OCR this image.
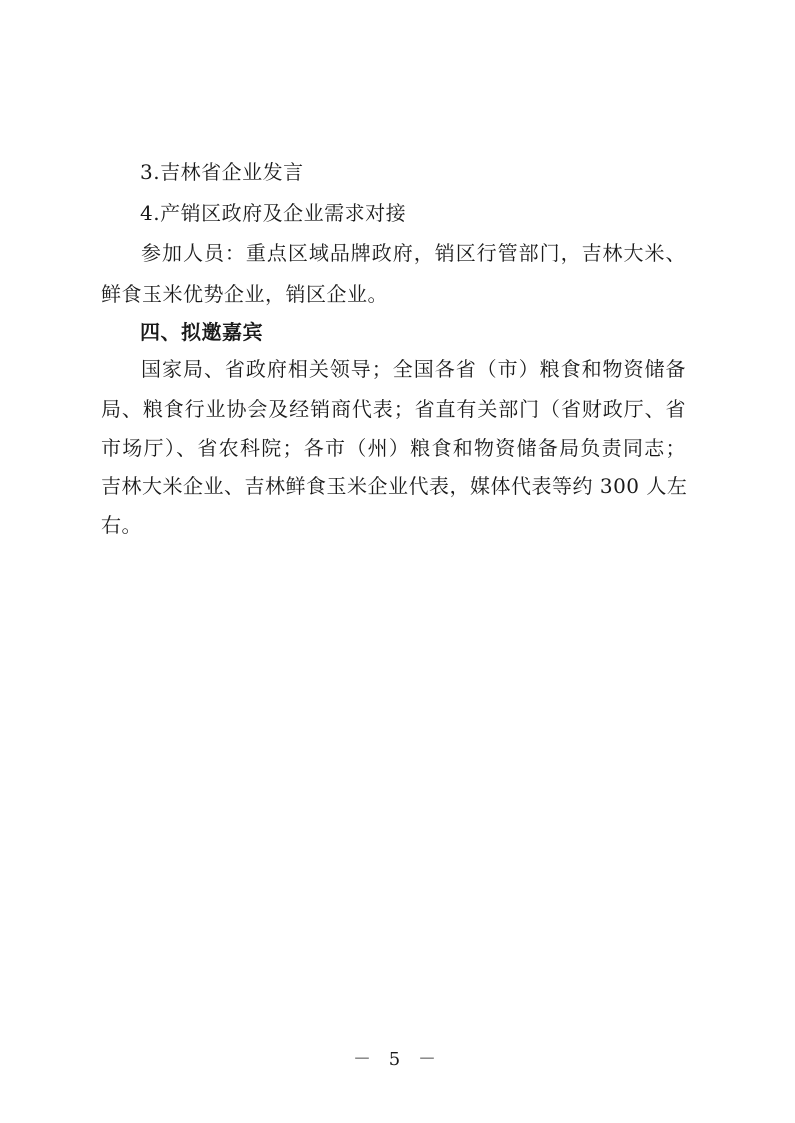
3.吉林省企业发言
4.产销区政府及企业需求对接
参加人员：重点区域品牌政府，销区行管部门，吉林大米、
鲜食玉米优势企业，销区企业。
四、拟邀嘉宾
国家局、省政府相关领导；全国各省（市）粮食和物资储备
局、粮食行业协会及经销商代表；省直有关部门（省财政厅、省
市场厅）、省农科院；各市（州）粮食和物资储备局负责同志；
吉林大米企业、吉林鲜食玉米企业代表，媒体代表等约 300 人左
右。
－ 5 －
